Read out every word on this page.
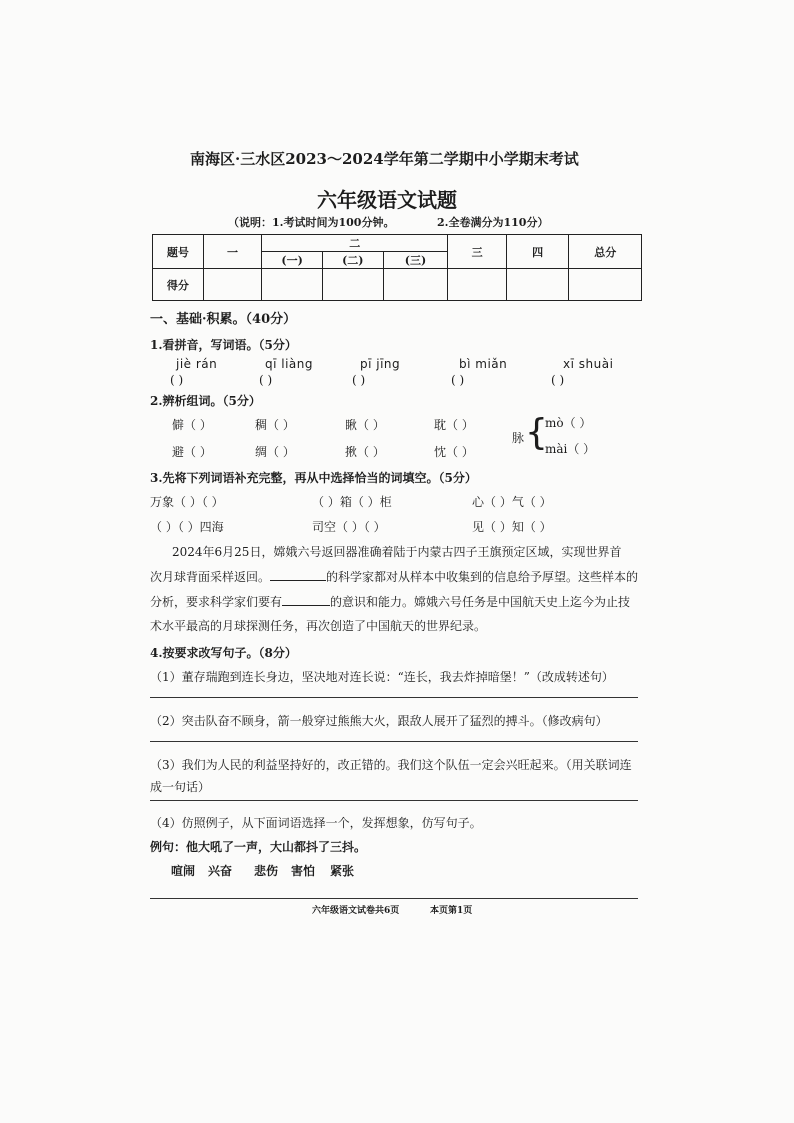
南海区·三水区2023～2024学年第二学期中小学期末考试
六年级语文试题
（说明：1.考试时间为100分钟。	2.全卷满分为110分）
题号	一	二			三	四	总分
		(一)	(二)	(三)			
得分							
一、基础·积累。（40分）
1.看拼音，写词语。（5分）
jiè rán	qī liàng	pī jīng	bì miǎn	xī shuài
( )	( )	( )	( )	( )
2.辨析组词。（5分）
僻（ ）	稠（ ）	瞅（ ）	耽（ ）
避（ ）	绸（ ）	揪（ ）	忱（ ）
脉 {
mò（ ）
mài（ ）
3.先将下列词语补充完整，再从中选择恰当的词填空。（5分）
万象（ ）（ ）	（ ）箱（ ）柜	心（ ）气（ ）
（ ）（ ）四海	司空（ ）（ ）	见（ ）知（ ）
2024年6月25日，嫦娥六号返回器准确着陆于内蒙古四子王旗预定区域，实现世界首
次月球背面采样返回。	的科学家都对从样本中收集到的信息给予厚望。这些样本的
分析，要求科学家们要有	的意识和能力。嫦娥六号任务是中国航天史上迄今为止技
术水平最高的月球探测任务，再次创造了中国航天的世界纪录。
4.按要求改写句子。（8分）
（1）董存瑞跑到连长身边，坚决地对连长说：“连长，我去炸掉暗堡！”（改成转述句）
（2）突击队奋不顾身，箭一般穿过熊熊大火，跟敌人展开了猛烈的搏斗。（修改病句）
（3）我们为人民的利益坚持好的，改正错的。我们这个队伍一定会兴旺起来。（用关联词连
成一句话）
（4）仿照例子，从下面词语选择一个，发挥想象，仿写句子。
例句：他大吼了一声，大山都抖了三抖。
喧闹 兴奋 悲伤 害怕 紧张
六年级语文试卷共6页	本页第1页
